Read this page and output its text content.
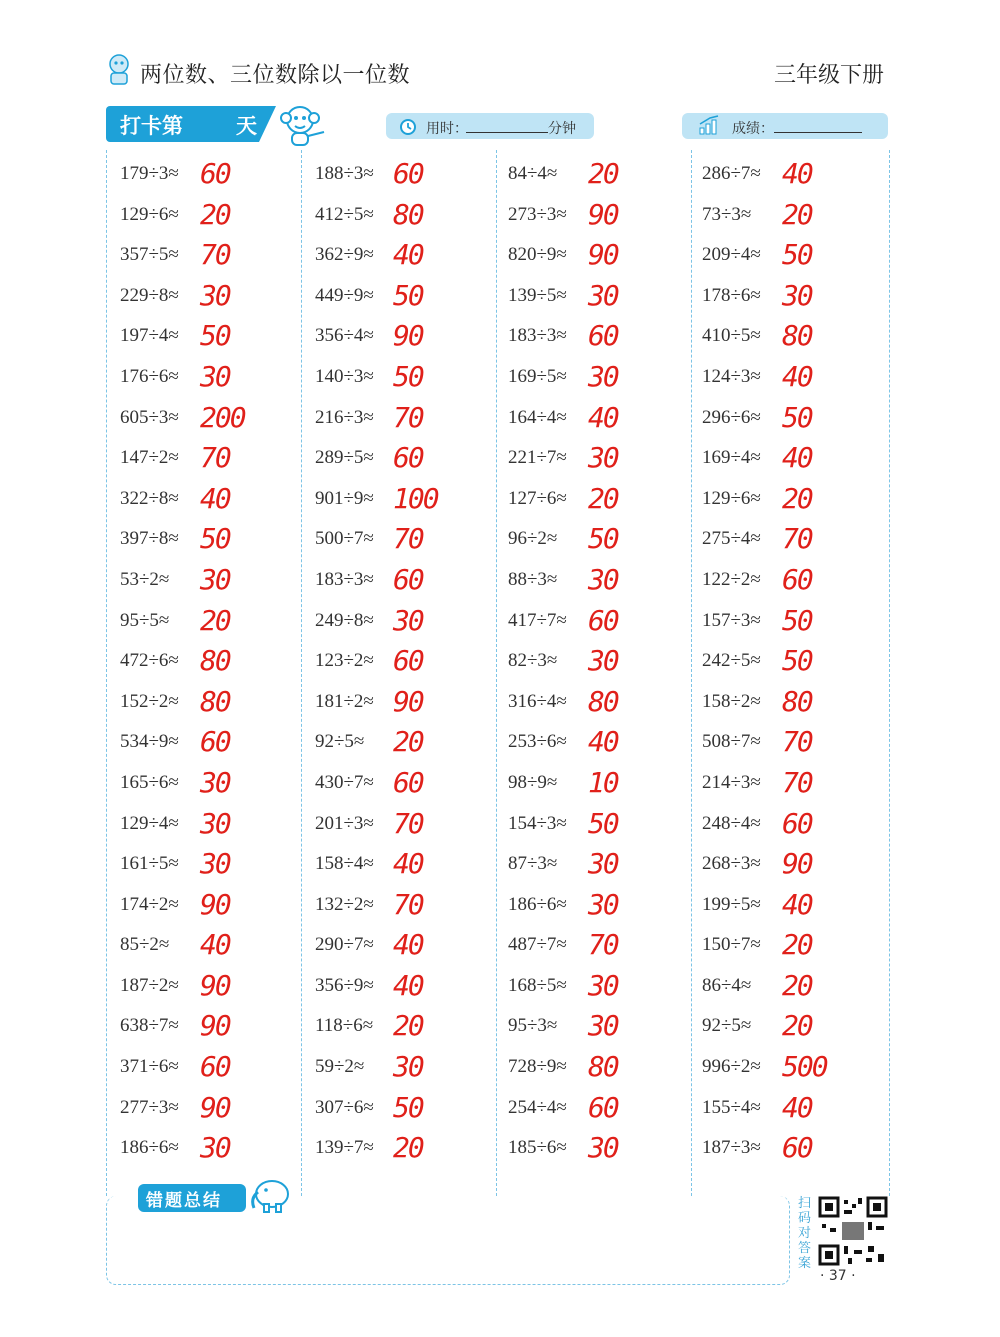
两位数、三位数除以一位数	三年级下册
打卡第	天	用时：	分钟	成绩：
179÷3≈ 60
129÷6≈ 20
357÷5≈ 70
229÷8≈ 30
197÷4≈ 50
176÷6≈ 30
605÷3≈ 200
147÷2≈ 70
322÷8≈ 40
397÷8≈ 50
53÷2≈ 30
95÷5≈ 20
472÷6≈ 80
152÷2≈ 80
534÷9≈ 60
165÷6≈ 30
129÷4≈ 30
161÷5≈ 30
174÷2≈ 90
85÷2≈ 40
187÷2≈ 90
638÷7≈ 90
371÷6≈ 60
277÷3≈ 90
186÷6≈ 30
188÷3≈ 60
412÷5≈ 80
362÷9≈ 40
449÷9≈ 50
356÷4≈ 90
140÷3≈ 50
216÷3≈ 70
289÷5≈ 60
901÷9≈ 100
500÷7≈ 70
183÷3≈ 60
249÷8≈ 30
123÷2≈ 60
181÷2≈ 90
92÷5≈ 20
430÷7≈ 60
201÷3≈ 70
158÷4≈ 40
132÷2≈ 70
290÷7≈ 40
356÷9≈ 40
118÷6≈ 20
59÷2≈ 30
307÷6≈ 50
139÷7≈ 20
84÷4≈ 20
273÷3≈ 90
820÷9≈ 90
139÷5≈ 30
183÷3≈ 60
169÷5≈ 30
164÷4≈ 40
221÷7≈ 30
127÷6≈ 20
96÷2≈ 50
88÷3≈ 30
417÷7≈ 60
82÷3≈ 30
316÷4≈ 80
253÷6≈ 40
98÷9≈ 10
154÷3≈ 50
87÷3≈ 30
186÷6≈ 30
487÷7≈ 70
168÷5≈ 30
95÷3≈ 30
728÷9≈ 80
254÷4≈ 60
185÷6≈ 30
286÷7≈ 40
73÷3≈ 20
209÷4≈ 50
178÷6≈ 30
410÷5≈ 80
124÷3≈ 40
296÷6≈ 50
169÷4≈ 40
129÷6≈ 20
275÷4≈ 70
122÷2≈ 60
157÷3≈ 50
242÷5≈ 50
158÷2≈ 80
508÷7≈ 70
214÷3≈ 70
248÷4≈ 60
268÷3≈ 90
199÷5≈ 40
150÷7≈ 20
86÷4≈ 20
92÷5≈ 20
996÷2≈ 500
155÷4≈ 40
187÷3≈ 60
错题总结	扫码对答案
· 37 ·
